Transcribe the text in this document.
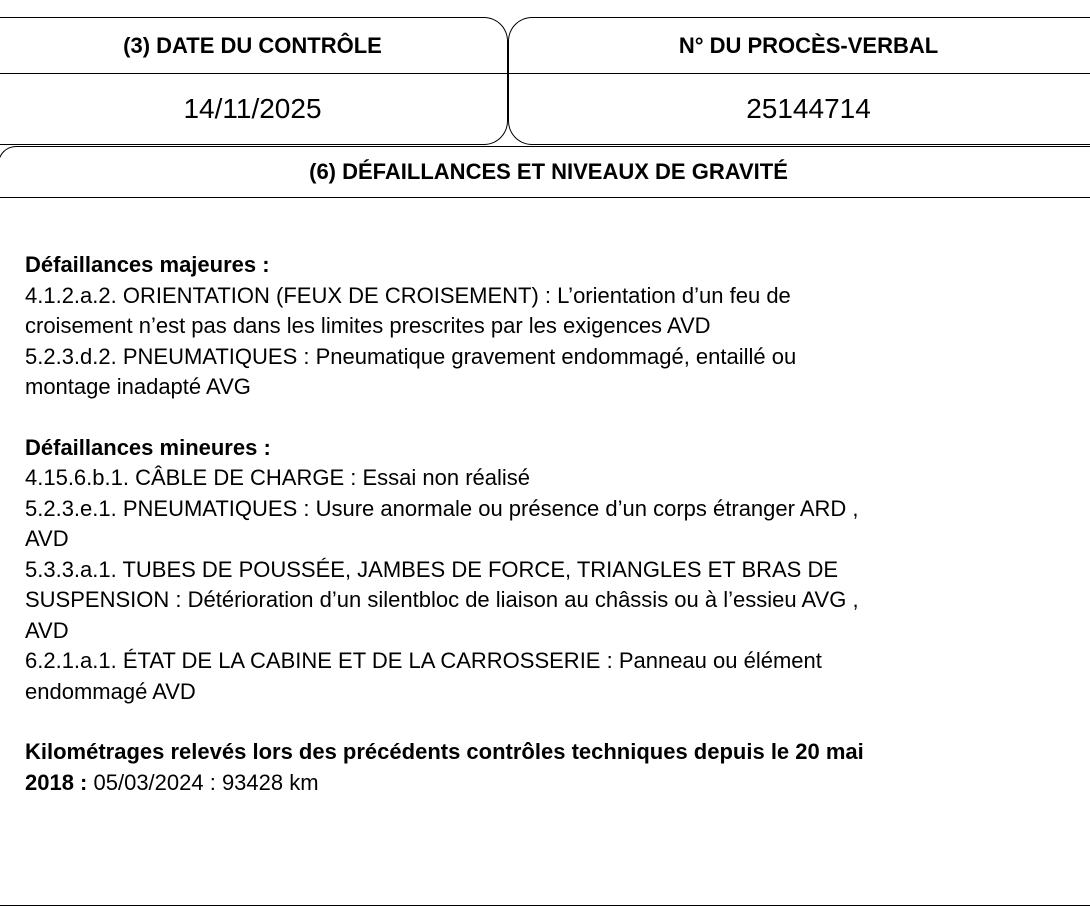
(3) DATE DU CONTRÔLE
14/11/2025
N° DU PROCÈS-VERBAL
25144714
(6) DÉFAILLANCES ET NIVEAUX DE GRAVITÉ

Défaillances majeures :

4.1.2.a.2. ORIENTATION (FEUX DE CROISEMENT) : L’orientation d’un feu de

croisement n’est pas dans les limites prescrites par les exigences AVD

5.2.3.d.2. PNEUMATIQUES : Pneumatique gravement endommagé, entaillé ou

montage inadapté AVG

Défaillances mineures :

4.15.6.b.1. CÂBLE DE CHARGE : Essai non réalisé

5.2.3.e.1. PNEUMATIQUES : Usure anormale ou présence d’un corps étranger ARD ,

AVD

5.3.3.a.1. TUBES DE POUSSÉE, JAMBES DE FORCE, TRIANGLES ET BRAS DE

SUSPENSION : Détérioration d’un silentbloc de liaison au châssis ou à l’essieu AVG ,

AVD

6.2.1.a.1. ÉTAT DE LA CABINE ET DE LA CARROSSERIE : Panneau ou élément

endommagé AVD

Kilométrages relevés lors des précédents contrôles techniques depuis le 20 mai

2018 : 05/03/2024 : 93428 km
